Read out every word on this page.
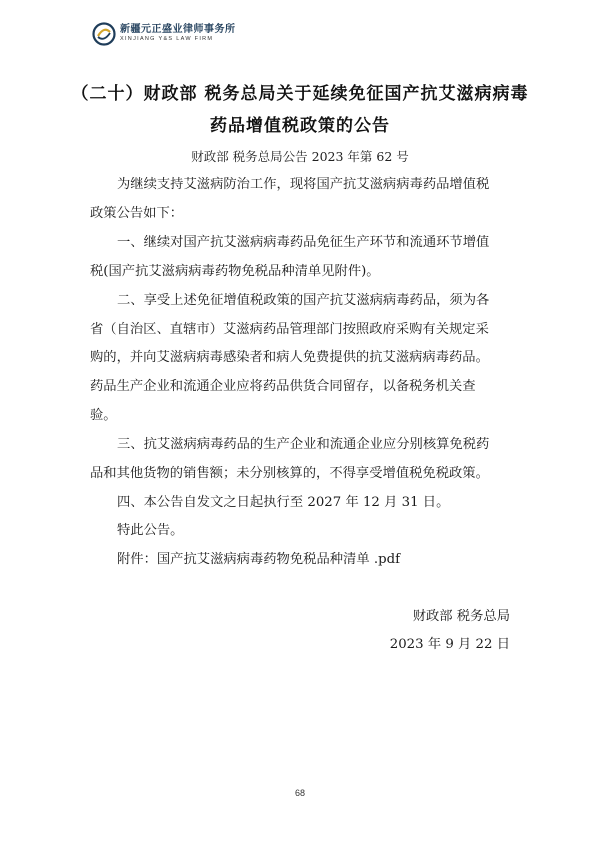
新疆元正盛业律师事务所
XINJIANG Y&S LAW FIRM
（二十）财政部 税务总局关于延续免征国产抗艾滋病病毒
药品增值税政策的公告
财政部 税务总局公告 2023 年第 62 号
为继续支持艾滋病防治工作，现将国产抗艾滋病病毒药品增值税
政策公告如下：
一、继续对国产抗艾滋病病毒药品免征生产环节和流通环节增值
税(国产抗艾滋病病毒药物免税品种清单见附件)。
二、享受上述免征增值税政策的国产抗艾滋病病毒药品，须为各
省（自治区、直辖市）艾滋病药品管理部门按照政府采购有关规定采
购的，并向艾滋病病毒感染者和病人免费提供的抗艾滋病病毒药品。
药品生产企业和流通企业应将药品供货合同留存，以备税务机关查
验。
三、抗艾滋病病毒药品的生产企业和流通企业应分别核算免税药
品和其他货物的销售额；未分别核算的，不得享受增值税免税政策。
四、本公告自发文之日起执行至 2027 年 12 月 31 日。
特此公告。
附件：国产抗艾滋病病毒药物免税品种清单 .pdf
财政部 税务总局
2023 年 9 月 22 日
68
